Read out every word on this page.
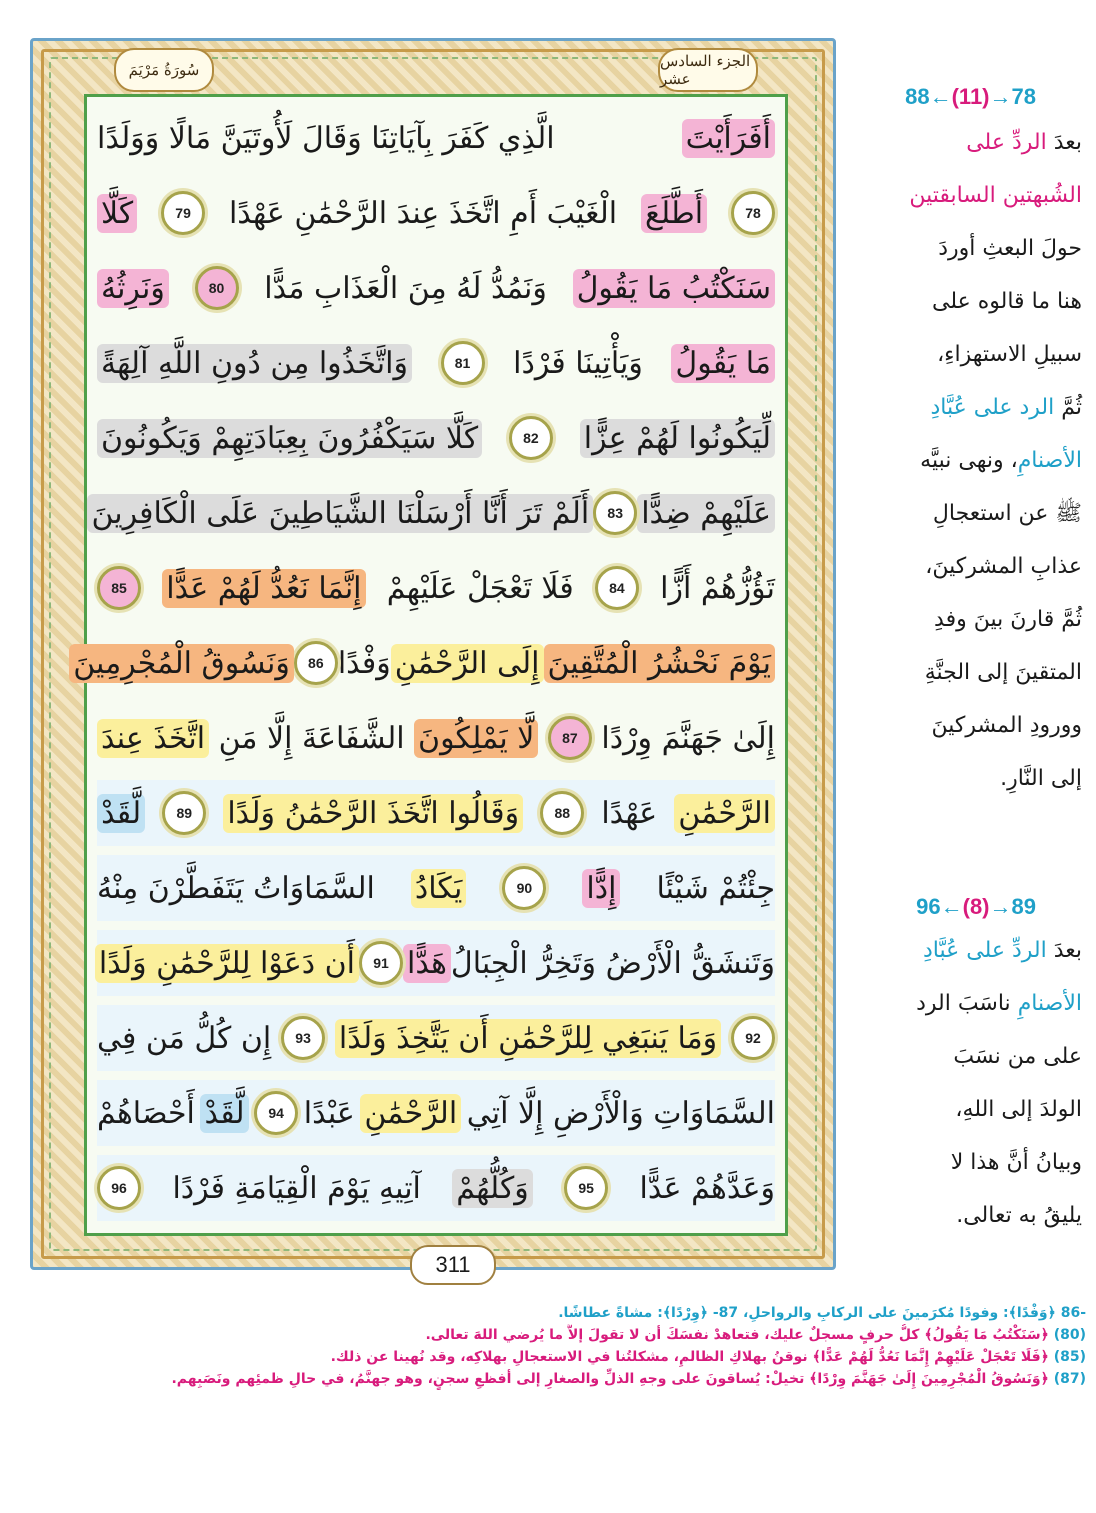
سُورَةُ مَرْيَمَ	الجزء السادس عشر
أَفَرَأَيْتَ
الَّذِي كَفَرَ بِآيَاتِنَا وَقَالَ لَأُوتَيَنَّ مَالًا وَوَلَدًا
78
أَطَّلَعَ
الْغَيْبَ أَمِ اتَّخَذَ عِندَ الرَّحْمَٰنِ عَهْدًا
79
كَلَّا
سَنَكْتُبُ مَا يَقُولُ
وَنَمُدُّ لَهُ مِنَ الْعَذَابِ مَدًّا
80
وَنَرِثُهُ
مَا يَقُولُ
وَيَأْتِينَا فَرْدًا
81
وَاتَّخَذُوا مِن دُونِ اللَّهِ آلِهَةً
لِّيَكُونُوا لَهُمْ عِزًّا
82
كَلَّا سَيَكْفُرُونَ بِعِبَادَتِهِمْ وَيَكُونُونَ
عَلَيْهِمْ ضِدًّا
83
أَلَمْ تَرَ أَنَّا أَرْسَلْنَا الشَّيَاطِينَ عَلَى الْكَافِرِينَ
تَؤُزُّهُمْ أَزًّا
84
فَلَا تَعْجَلْ عَلَيْهِمْ
إِنَّمَا نَعُدُّ لَهُمْ عَدًّا
85
يَوْمَ نَحْشُرُ الْمُتَّقِينَ
إِلَى الرَّحْمَٰنِ
وَفْدًا
86
وَنَسُوقُ الْمُجْرِمِينَ
إِلَىٰ جَهَنَّمَ وِرْدًا
87
لَّا يَمْلِكُونَ
الشَّفَاعَةَ إِلَّا مَنِ
اتَّخَذَ عِندَ
الرَّحْمَٰنِ
عَهْدًا
88
وَقَالُوا اتَّخَذَ الرَّحْمَٰنُ وَلَدًا
89
لَّقَدْ
جِئْتُمْ شَيْئًا
إِدًّا
90
يَكَادُ
السَّمَاوَاتُ يَتَفَطَّرْنَ مِنْهُ
وَتَنشَقُّ الْأَرْضُ وَتَخِرُّ الْجِبَالُ
هَدًّا
91
أَن دَعَوْا لِلرَّحْمَٰنِ وَلَدًا
92
وَمَا يَنبَغِي لِلرَّحْمَٰنِ أَن يَتَّخِذَ وَلَدًا
93
إِن كُلُّ مَن فِي
السَّمَاوَاتِ وَالْأَرْضِ إِلَّا آتِي
الرَّحْمَٰنِ
عَبْدًا
94
لَّقَدْ
أَحْصَاهُمْ
وَعَدَّهُمْ عَدًّا
95
وَكُلُّهُمْ
آتِيهِ يَوْمَ الْقِيَامَةِ فَرْدًا
96
311
88←(11)→78
بعدَ الردِّ على
الشُبهتين السابقتين
حولَ البعثِ أوردَ
هنا ما قالوه على
سبيلِ الاستهزاءِ،
ثُمَّ الرد على عُبَّادِ
الأصنامِ، ونهى نبيَّه
ﷺ عن استعجالِ
عذابِ المشركينَ،
ثُمَّ قارنَ بينَ وفدِ
المتقينَ إلى الجنَّةِ
وورودِ المشركينَ
إلى النَّارِ.
96←(8)→89
بعدَ الردِّ على عُبَّادِ
الأصنامِ ناسَبَ الرد
على من نسَبَ
الولدَ إلى اللهِ،
وبيانُ أنَّ هذا لا
يليقُ به تعالى.
-86 ﴿وَفْدًا﴾: وفودًا مُكرَمينَ على الركابِ والرواحلِ، 87- ﴿وِرْدًا﴾: مشاةً عطاشًا.
(80) ﴿سَنَكْتُبُ مَا يَقُولُ﴾ كلُّ حرفٍ مسجلٌ عليك، فتعاهدْ نفسَكَ أن لا تقولَ إلاَّ ما يُرضي اللهَ تعالى.
(85) ﴿فَلَا تَعْجَلْ عَلَيْهِمْ إِنَّمَا نَعُدُّ لَهُمْ عَدًّا﴾ نوقنُ بهلاكِ الظالمِ، مشكلتُنا في الاستعجالِ بهلاكِه، وقد نُهينا عن ذلك.
(87) ﴿وَنَسُوقُ الْمُجْرِمِينَ إِلَىٰ جَهَنَّمَ وِرْدًا﴾ تخيلْ: يُساقونَ على وجهِ الذلِّ والصغارِ إلى أفظعِ سجنٍ، وهو جهنَّمُ، في حالِ ظمئِهم ونَصَبِهم.
